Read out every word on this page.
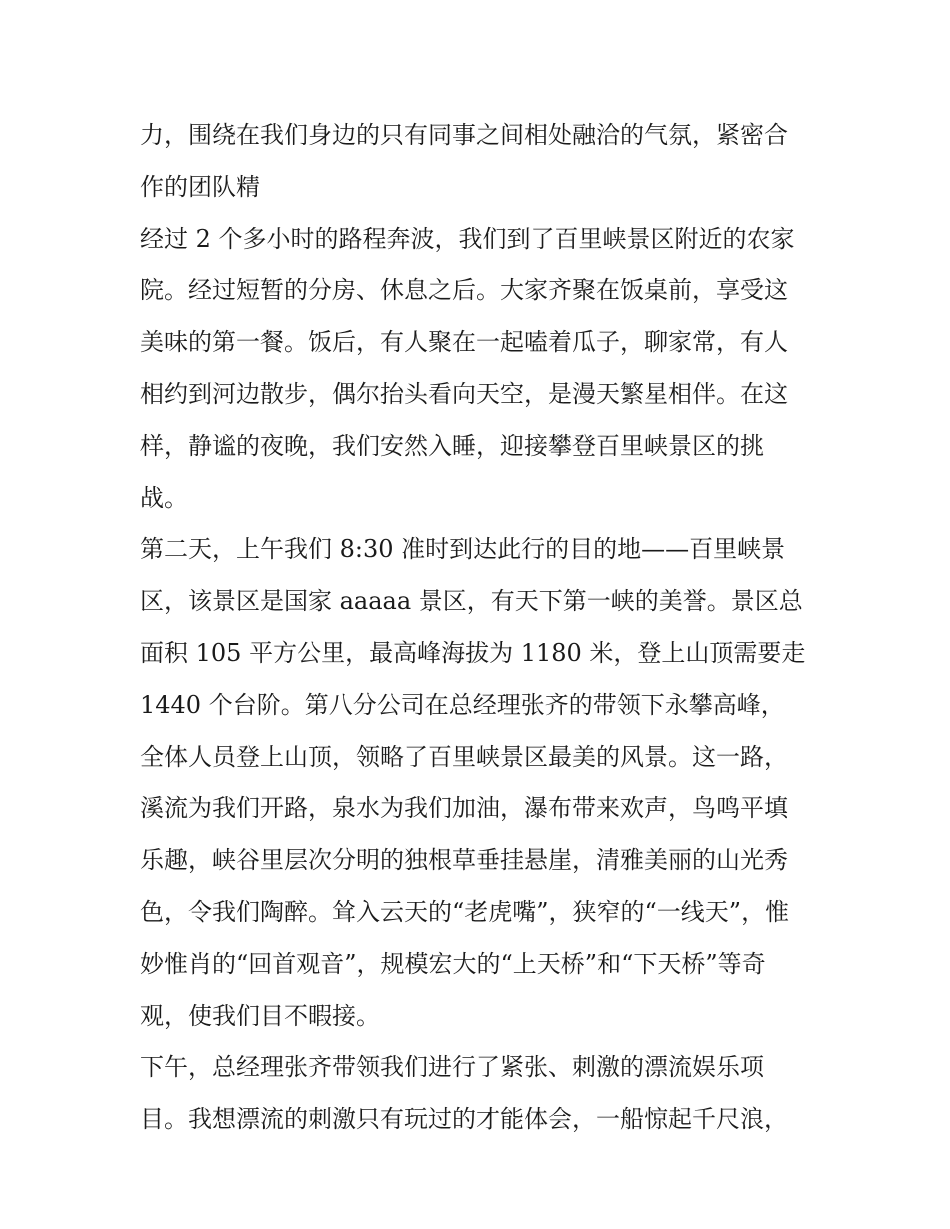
力，围绕在我们身边的只有同事之间相处融洽的气氛，紧密合
作的团队精

经过 2 个多小时的路程奔波，我们到了百里峡景区附近的农家
院。经过短暂的分房、休息之后。大家齐聚在饭桌前，享受这
美味的第一餐。饭后，有人聚在一起嗑着瓜子，聊家常，有人
相约到河边散步，偶尔抬头看向天空，是漫天繁星相伴。在这
样，静谧的夜晚，我们安然入睡，迎接攀登百里峡景区的挑
战。

第二天，上午我们 8:30 准时到达此行的目的地——百里峡景
区，该景区是国家 aaaaa 景区，有天下第一峡的美誉。景区总
面积 105 平方公里，最高峰海拔为 1180 米，登上山顶需要走
1440 个台阶。第八分公司在总经理张齐的带领下永攀高峰，
全体人员登上山顶，领略了百里峡景区最美的风景。这一路，
溪流为我们开路，泉水为我们加油，瀑布带来欢声，鸟鸣平填
乐趣，峡谷里层次分明的独根草垂挂悬崖，清雅美丽的山光秀
色，令我们陶醉。耸入云天的“老虎嘴”，狭窄的“一线天”，惟
妙惟肖的“回首观音”，规模宏大的“上天桥”和“下天桥”等奇
观，使我们目不暇接。

下午，总经理张齐带领我们进行了紧张、刺激的漂流娱乐项
目。我想漂流的刺激只有玩过的才能体会，一船惊起千尺浪，
